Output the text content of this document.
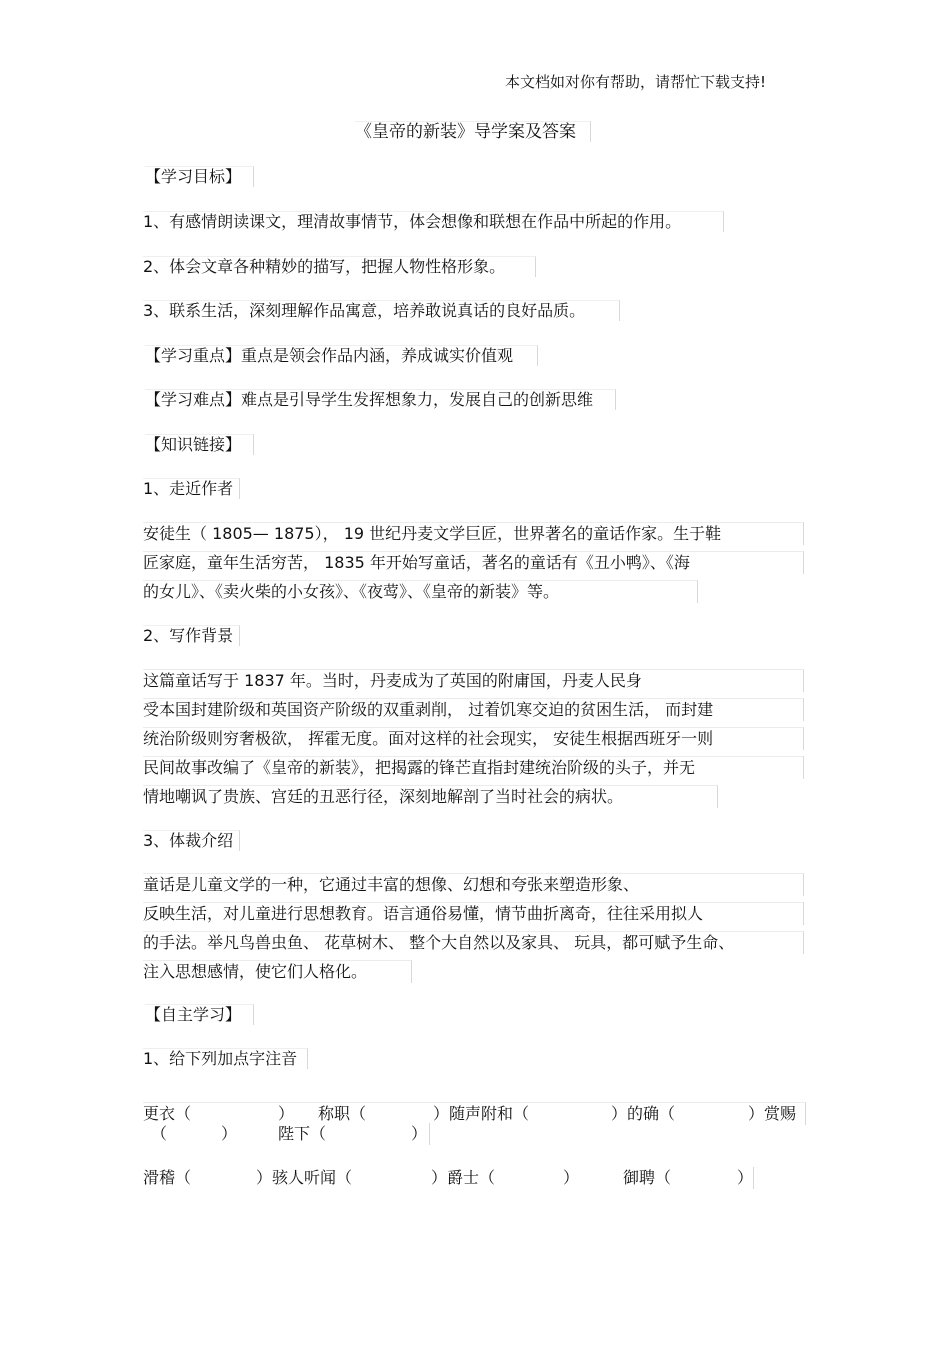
本文档如对你有帮助，请帮忙下载支持!
《皇帝的新装》导学案及答案
【学习目标】
1、有感情朗读课文，理清故事情节，体会想像和联想在作品中所起的作用。
2、体会文章各种精妙的描写，把握人物性格形象。
3、联系生活，深刻理解作品寓意，培养敢说真话的良好品质。
【学习重点】重点是领会作品内涵，养成诚实价值观
【学习难点】难点是引导学生发挥想象力，发展自己的创新思维
【知识链接】
1、走近作者
安徒生（ 1805— 1875）， 19 世纪丹麦文学巨匠，世界著名的童话作家。生于鞋
匠家庭，童年生活穷苦， 1835 年开始写童话，著名的童话有《丑小鸭》、《海
的女儿》、《卖火柴的小女孩》、《夜莺》、《皇帝的新装》等。
2、写作背景
这篇童话写于 1837 年。当时，丹麦成为了英国的附庸国，丹麦人民身
受本国封建阶级和英国资产阶级的双重剥削， 过着饥寒交迫的贫困生活， 而封建
统治阶级则穷奢极欲， 挥霍无度。面对这样的社会现实， 安徒生根据西班牙一则
民间故事改编了《皇帝的新装》，把揭露的锋芒直指封建统治阶级的头子，并无
情地嘲讽了贵族、宫廷的丑恶行径，深刻地解剖了当时社会的病状。
3、体裁介绍
童话是儿童文学的一种，它通过丰富的想像、幻想和夸张来塑造形象、
反映生活，对儿童进行思想教育。语言通俗易懂，情节曲折离奇，往往采用拟人
的手法。举凡鸟兽虫鱼、 花草树木、 整个大自然以及家具、 玩具，都可赋予生命、
注入思想感情，使它们人格化。
【自主学习】
1、给下列加点字注音
更衣（	） 称职（	）随声附和（	）的确（	）赏赐
（	）	陛下（	）
滑稽（	）骇人听闻（	）爵士（	）	御聘（	）
